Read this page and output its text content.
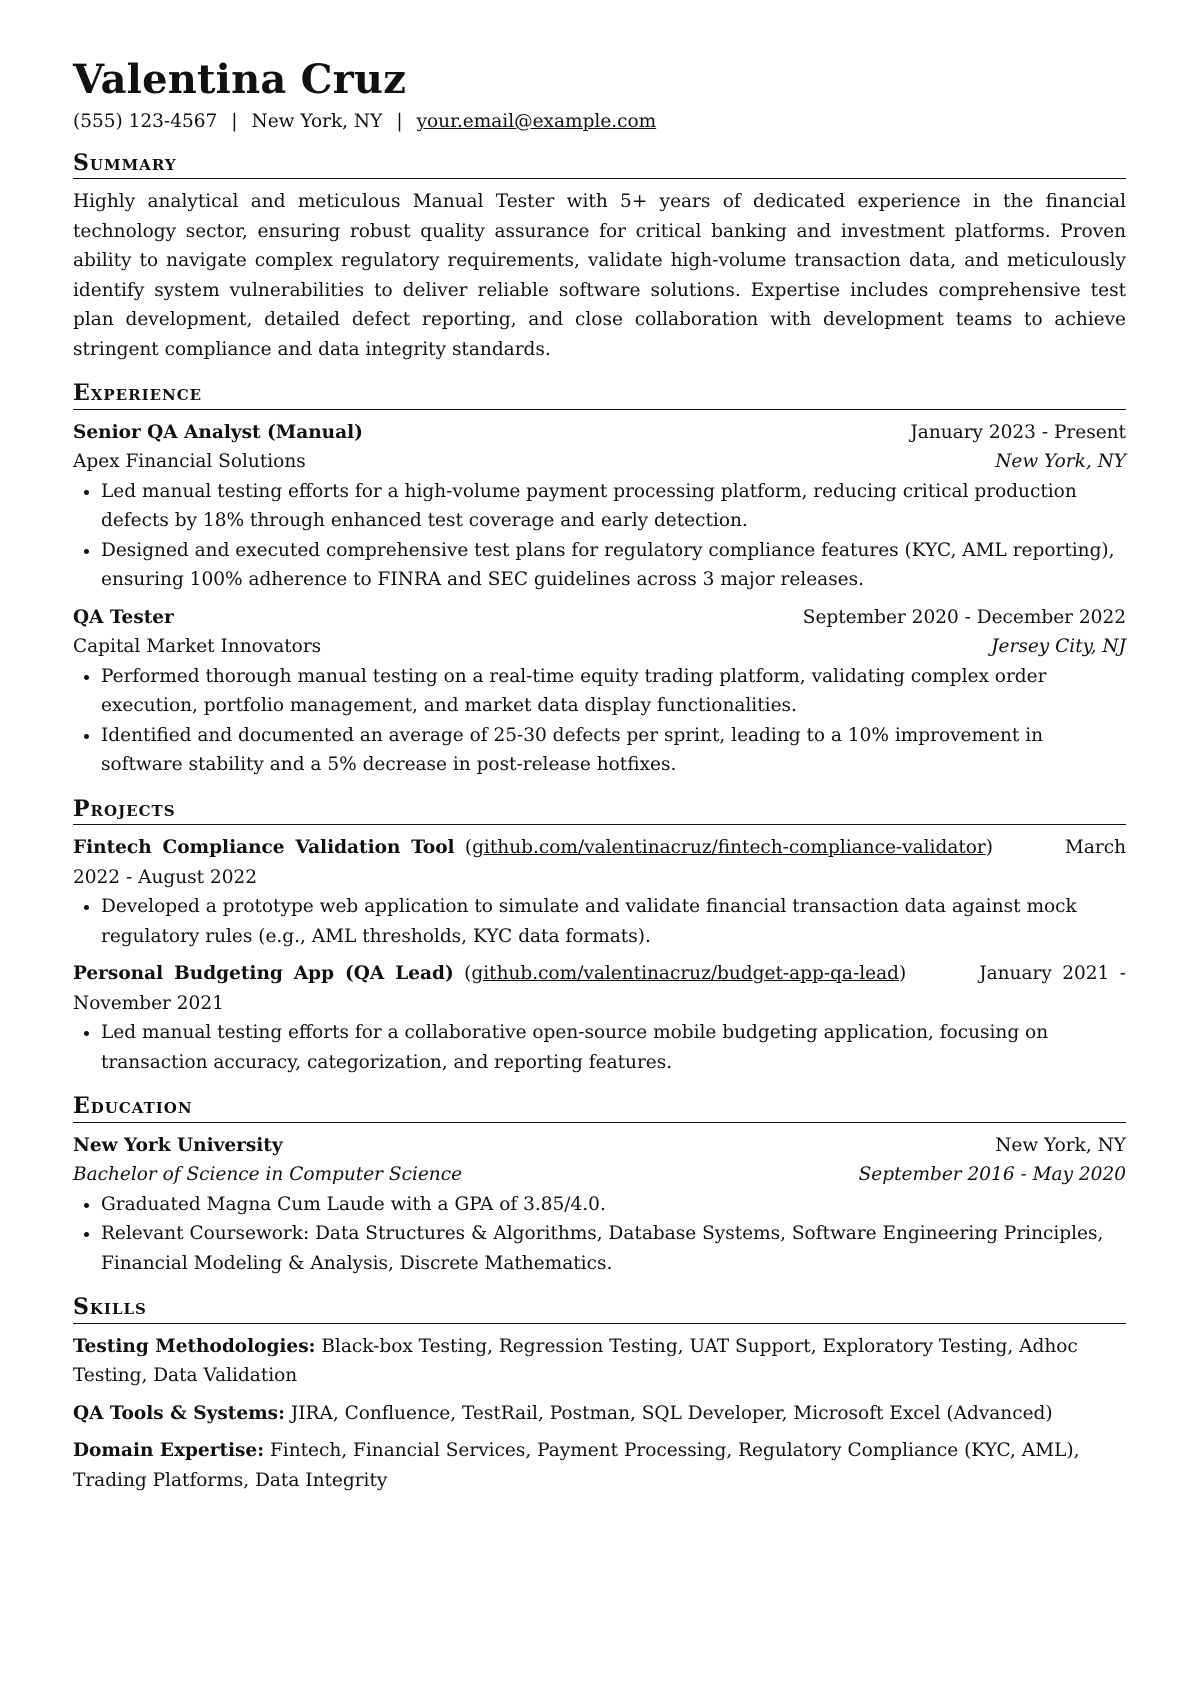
Valentina Cruz
(555) 123-4567 | New York, NY | your.email@example.com
Summary

Highly analytical and meticulous Manual Tester with 5+ years of dedicated experience in the financial technology sector, ensuring robust quality assurance for critical banking and investment platforms. Proven ability to navigate complex regulatory requirements, validate high-volume transaction data, and meticulously identify system vulnerabilities to deliver reliable software solutions. Expertise includes comprehensive test plan development, detailed defect reporting, and close collaboration with development teams to achieve stringent compliance and data integrity standards.

Experience
Senior QA Analyst (Manual)	January 2023 - Present
Apex Financial Solutions	New York, NY
• Led manual testing efforts for a high-volume payment processing platform, reducing critical production defects by 18% through enhanced test coverage and early detection.
• Designed and executed comprehensive test plans for regulatory compliance features (KYC, AML reporting), ensuring 100% adherence to FINRA and SEC guidelines across 3 major releases.
QA Tester	September 2020 - December 2022
Capital Market Innovators	Jersey City, NJ
• Performed thorough manual testing on a real-time equity trading platform, validating complex order execution, portfolio management, and market data display functionalities.
• Identified and documented an average of 25-30 defects per sprint, leading to a 10% improvement in software stability and a 5% decrease in post-release hotfixes.
Projects
Fintech Compliance Validation Tool (github.com/valentinacruz/fintech-compliance-validator)       March 2022 - August 2022
• Developed a prototype web application to simulate and validate financial transaction data against mock regulatory rules (e.g., AML thresholds, KYC data formats).
Personal Budgeting App (QA Lead) (github.com/valentinacruz/budget-app-qa-lead)       January 2021 - November 2021
• Led manual testing efforts for a collaborative open-source mobile budgeting application, focusing on transaction accuracy, categorization, and reporting features.
Education
New York University	New York, NY
Bachelor of Science in Computer Science	September 2016 - May 2020
• Graduated Magna Cum Laude with a GPA of 3.85/4.0.
• Relevant Coursework: Data Structures & Algorithms, Database Systems, Software Engineering Principles, Financial Modeling & Analysis, Discrete Mathematics.
Skills
Testing Methodologies: Black-box Testing, Regression Testing, UAT Support, Exploratory Testing, Adhoc Testing, Data Validation
QA Tools & Systems: JIRA, Confluence, TestRail, Postman, SQL Developer, Microsoft Excel (Advanced)
Domain Expertise: Fintech, Financial Services, Payment Processing, Regulatory Compliance (KYC, AML), Trading Platforms, Data Integrity
